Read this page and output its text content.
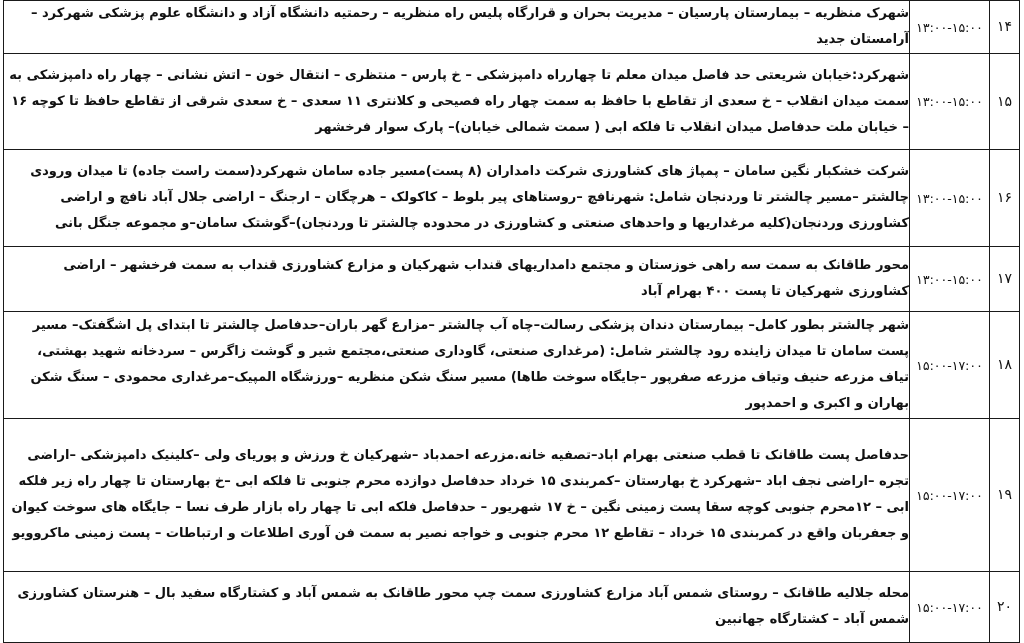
۱۴	۱۳:۰۰-۱۵:۰۰	شهرک منظریه – بیمارستان پارسیان – مدیریت بحران و قرارگاه پلیس راه منظریه – رحمتیه دانشگاه آزاد و دانشگاه علوم پزشکی شهرکرد –آرامستان جدید
۱۵	۱۳:۰۰-۱۵:۰۰	شهرکرد:خیابان شریعتی حد فاصل میدان معلم تا چهارراه دامپزشکی – خ پارس – منتظری – انتقال خون – اتش نشانی – چهار راه دامپزشکی به سمت میدان انقلاب – خ سعدی از تقاطع با حافظ به سمت چهار راه فصیحی و کلانتری ۱۱ سعدی – خ سعدی شرقی از تقاطع حافظ تا کوچه ۱۶ – خیابان ملت حدفاصل میدان انقلاب تا فلکه ابی ( سمت شمالی خیابان)– پارک سوار فرخشهر
۱۶	۱۳:۰۰-۱۵:۰۰	شرکت خشکبار نگین سامان – پمپاژ های کشاورزی شرکت دامداران (۸ پست)مسیر جاده سامان شهرکرد(سمت راست جاده) تا میدان ورودی چالشتر –مسیر چالشتر تا وردنجان شامل: شهرنافچ –روستاهای پیر بلوط – کاکولک – هرچگان – ارجنگ – اراضی جلال آباد نافچ و اراضی کشاورزی وردنجان(کلیه مرغداریها و واحدهای صنعتی و کشاورزی در محدوده چالشتر تا وردنجان)–گوشتک سامان–و مجموعه جنگل بانی
۱۷	۱۳:۰۰-۱۵:۰۰	محور طاقانک به سمت سه راهی خوزستان و مجتمع دامداریهای قنداب شهرکیان و مزارع کشاورزی قنداب به سمت فرخشهر – اراضی کشاورزی شهرکیان تا پست ۴۰۰ بهرام آباد
۱۸	۱۵:۰۰-۱۷:۰۰	شهر چالشتر بطور کامل– بیمارستان دندان پزشکی رسالت–چاه آب چالشتر –مزارع گهر باران–حدفاصل چالشتر تا ابتدای پل اشگفتک– مسیر پست سامان تا میدان زاینده رود چالشتر شامل: (مرغداری صنعتی، گاوداری صنعتی،مجتمع شیر و گوشت زاگرس – سردخانه شهید بهشتی، تیاف مزرعه حنیف وتیاف مزرعه صفرپور –جایگاه سوخت طاها) مسیر سنگ شکن منظریه –ورزشگاه المپیک–مرغداری محمودی – سنگ شکن بهاران و اکبری و احمدپور
۱۹	۱۵:۰۰-۱۷:۰۰	حدفاصل پست طاقانک تا قطب صنعتی بهرام اباد–تصفیه خانه.مزرعه احمدباد –شهرکیان خ ورزش و پوریای ولی –کلینیک دامپزشکی –اراضی تجره –اراضی نجف اباد –شهرکرد خ بهارستان –کمربندی ۱۵ خرداد حدفاصل دوازده محرم جنوبی تا فلکه ابی –خ بهارستان تا چهار راه زیر فلکه ابی – ۱۲محرم جنوبی کوچه سقا پست زمینی نگین – خ ۱۷ شهریور – حدفاصل فلکه ابی تا چهار راه بازار طرف نسا – جایگاه های سوخت کیوان و جعفربان واقع در کمربندی ۱۵ خرداد – تقاطع ۱۲ محرم جنوبی و خواجه نصیر به سمت فن آوری اطلاعات و ارتباطات – پست زمینی ماکروویو
۲۰	۱۵:۰۰-۱۷:۰۰	محله جلالیه طاقانک – روستای شمس آباد مزارع کشاورزی سمت چپ محور طاقانک به شمس آباد و کشتارگاه سفید بال – هنرستان کشاورزی شمس آباد – کشتارگاه جهانبین
